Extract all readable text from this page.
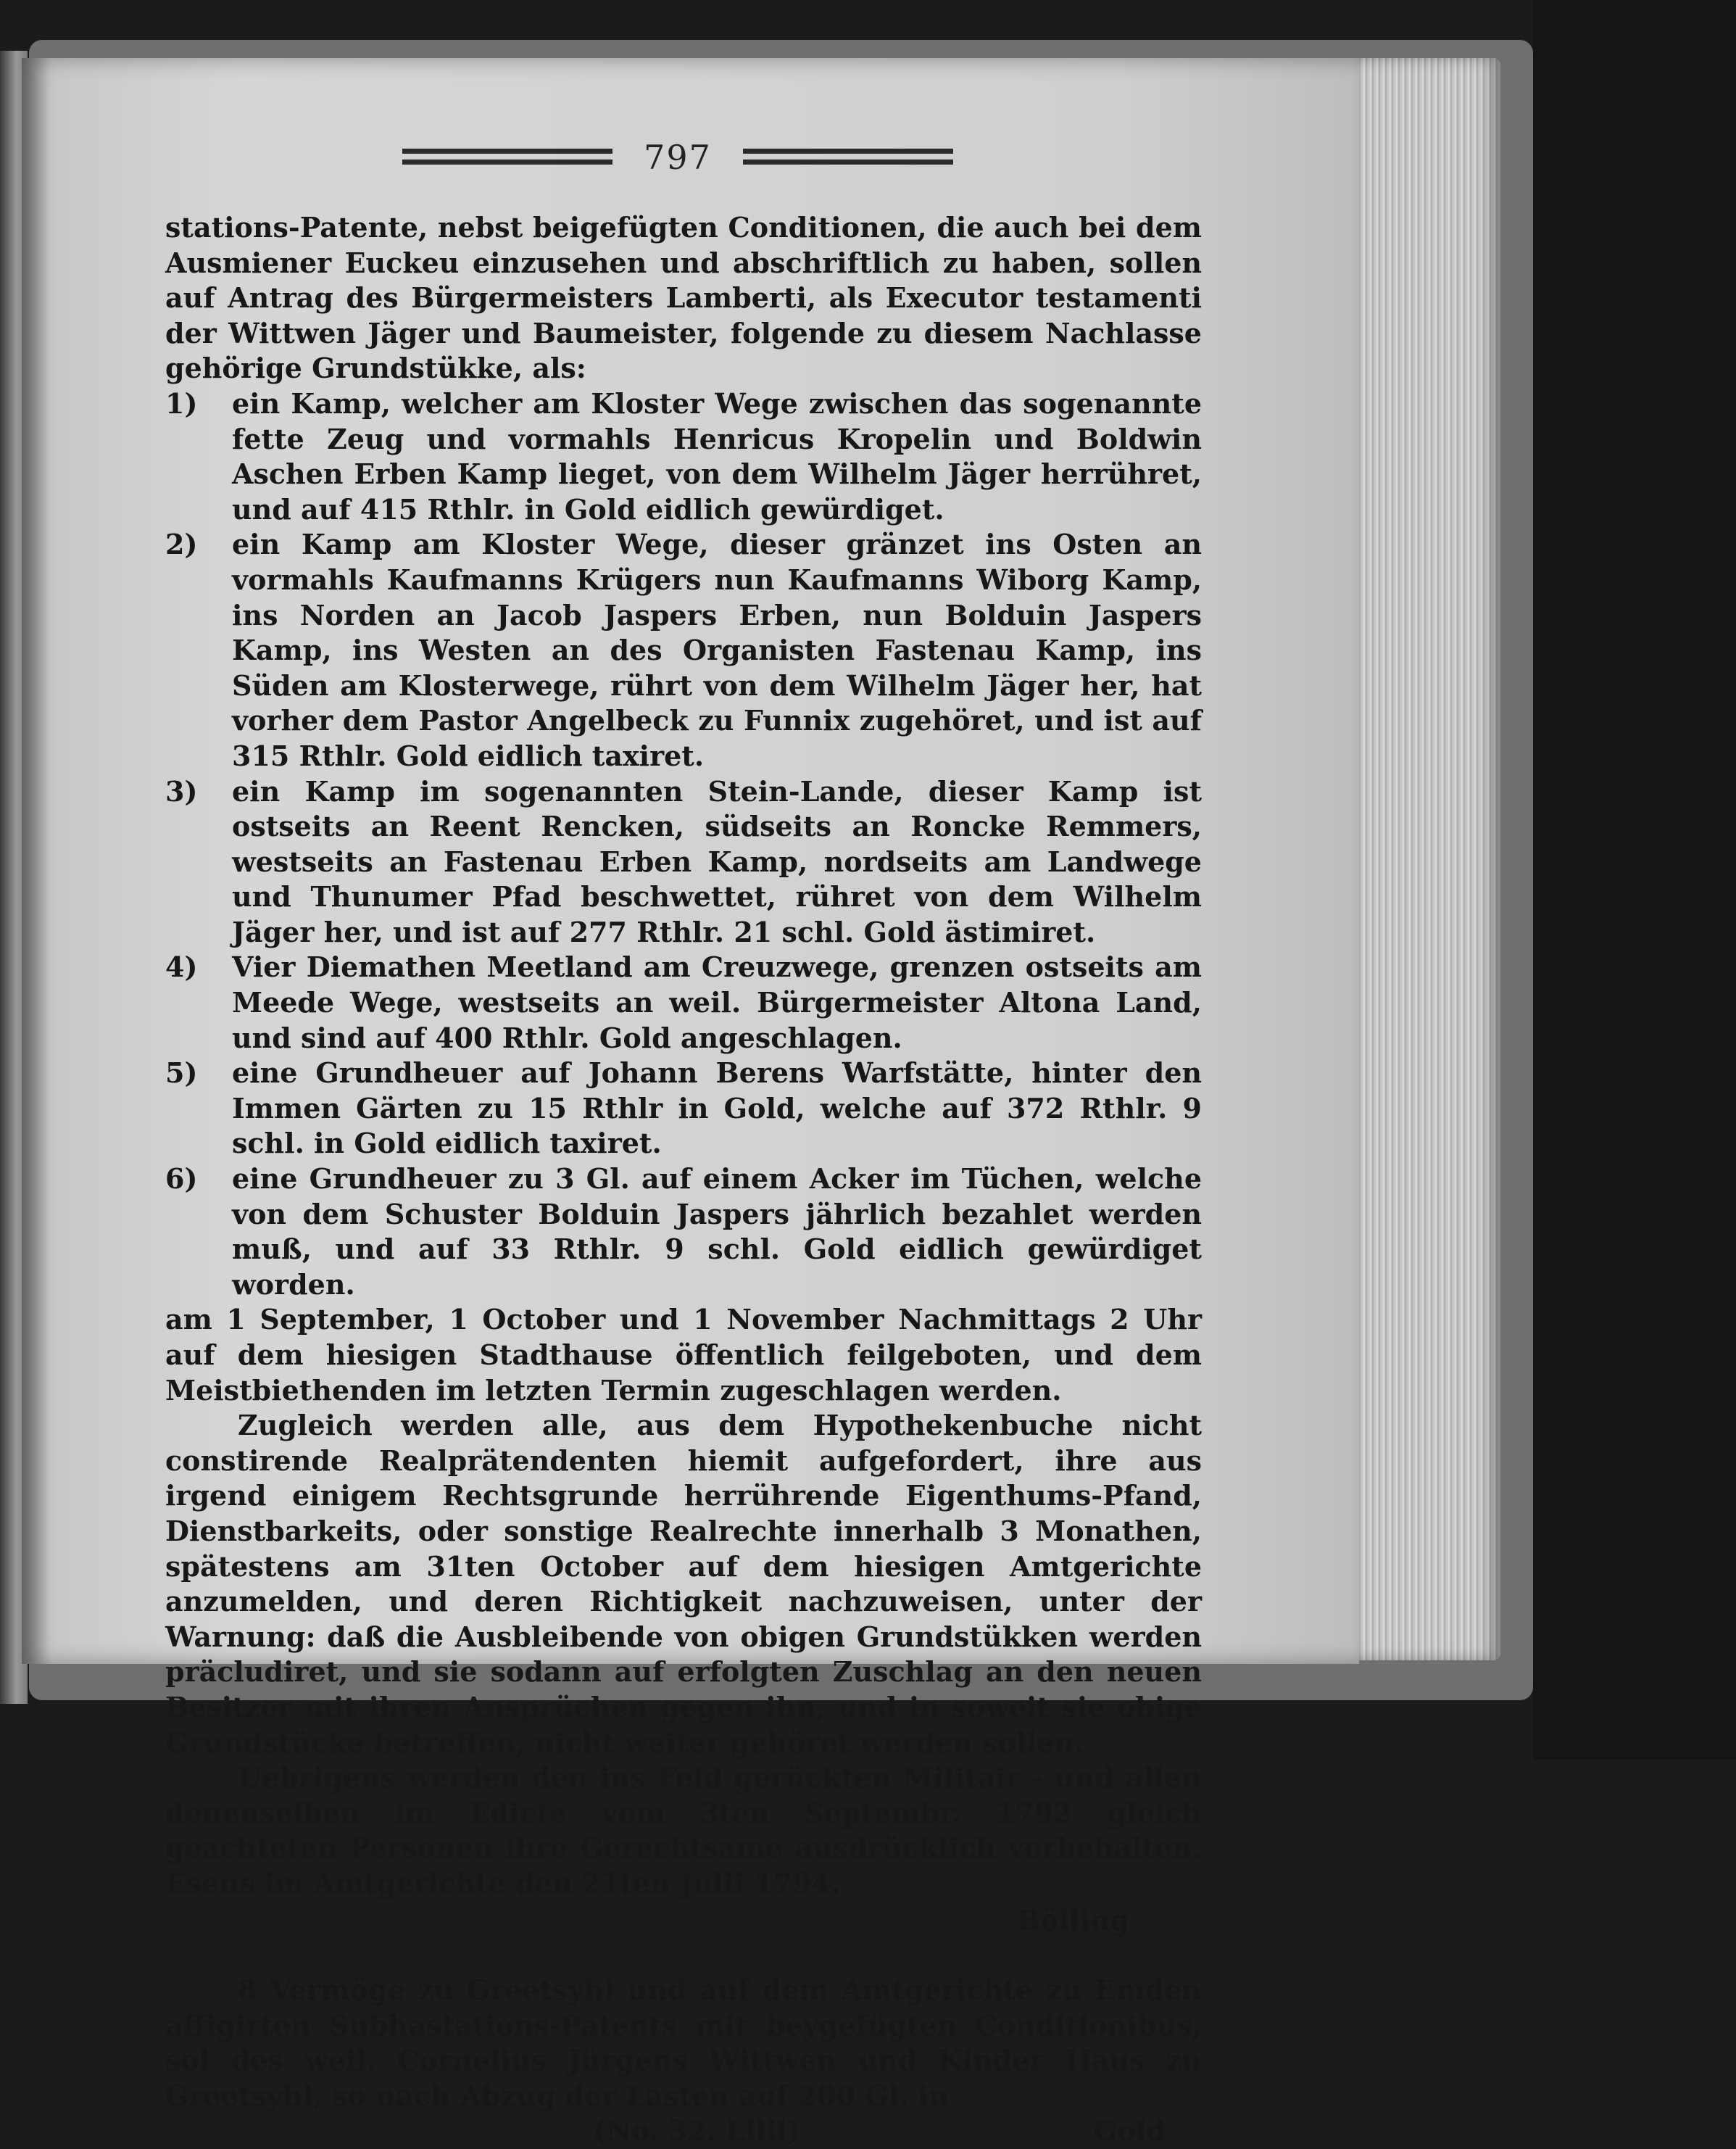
797

stations-Patente, nebst beigefügten Conditionen, die auch bei dem Ausmiener Euckeu einzusehen und abschriftlich zu haben, sollen auf Antrag des Bürgermeisters Lamberti, als Executor testamenti der Wittwen Jäger und Baumeister, folgende zu diesem Nachlasse gehörige Grundstükke, als:

1)	ein Kamp, welcher am Kloster Wege zwischen das sogenannte fette Zeug und vormahls Henricus Kropelin und Boldwin Aschen Erben Kamp lieget, von dem Wilhelm Jäger herrühret, und auf 415 Rthlr. in Gold eidlich gewürdiget.
2)	ein Kamp am Kloster Wege, dieser gränzet ins Osten an vormahls Kaufmanns Krügers nun Kaufmanns Wiborg Kamp, ins Norden an Jacob Jaspers Erben, nun Bolduin Jaspers Kamp, ins Westen an des Organisten Fastenau Kamp, ins Süden am Klosterwege, rührt von dem Wilhelm Jäger her, hat vorher dem Pastor Angelbeck zu Funnix zugehöret, und ist auf 315 Rthlr. Gold eidlich taxiret.
3)	ein Kamp im sogenannten Stein-Lande, dieser Kamp ist ostseits an Reent Rencken, südseits an Roncke Remmers, westseits an Fastenau Erben Kamp, nordseits am Landwege und Thunumer Pfad beschwettet, rühret von dem Wilhelm Jäger her, und ist auf 277 Rthlr. 21 schl. Gold ästimiret.
4)	Vier Diemathen Meetland am Creuzwege, grenzen ostseits am Meede Wege, westseits an weil. Bürgermeister Altona Land, und sind auf 400 Rthlr. Gold angeschlagen.
5)	eine Grundheuer auf Johann Berens Warfstätte, hinter den Immen Gärten zu 15 Rthlr in Gold, welche auf 372 Rthlr. 9 schl. in Gold eidlich taxiret.
6)	eine Grundheuer zu 3 Gl. auf einem Acker im Tüchen, welche von dem Schuster Bolduin Jaspers jährlich bezahlet werden muß, und auf 33 Rthlr. 9 schl. Gold eidlich gewürdiget worden.

am 1 September, 1 October und 1 November Nachmittags 2 Uhr auf dem hiesigen Stadthause öffentlich feilgeboten, und dem Meistbiethenden im letzten Termin zugeschlagen werden.

Zugleich werden alle, aus dem Hypothekenbuche nicht constirende Realprätendenten hiemit aufgefordert, ihre aus irgend einigem Rechtsgrunde herrührende Eigenthums-Pfand, Dienstbarkeits, oder sonstige Realrechte innerhalb 3 Monathen, spätestens am 31ten October auf dem hiesigen Amtgerichte anzumelden, und deren Richtigkeit nachzuweisen, unter der Warnung: daß die Ausbleibende von obigen Grundstükken werden präcludiret, und sie sodann auf erfolgten Zuschlag an den neuen Besitzer mit ihren Ansprüchen gegen ihn, und in soweit sie obige Grundstücke betreffen, nicht weiter gehöret werden sollen.

Uebrigens werden den ins Feld gerückten Militair - und allen denenselben im Edicte vom 3ten Septembr. 1792 gleich geachteten Personen ihre Gerechtsame ausdrücklich vorbehalten. Esens im Amtgerichte den 21ten Julii 1794.

Bölling

8 Vermöge zu Greetsyhl und auf dem Amtgerichte zu Emden affigirten Subhastations-Patents mit beygefügten Conditionibus, sol des weil. Cornelius Jürgens Wittwen und Kinder Haus zu Greetsyhl, so nach Abzug der Lasten auf 200 Gl. in

(No. 32. Lllll)	Gold
